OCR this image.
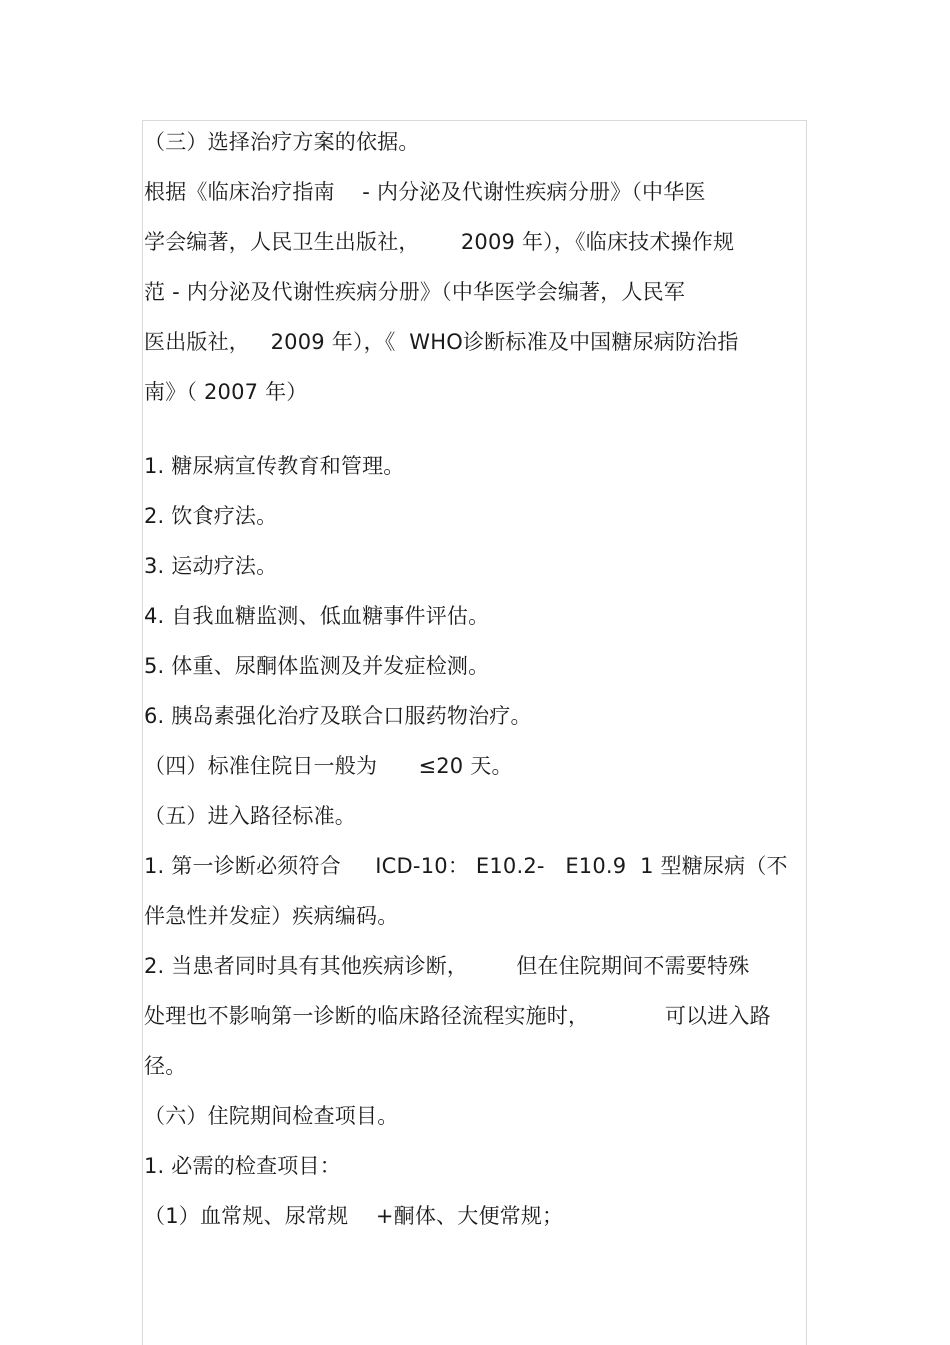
（三）选择治疗方案的依据。
根据《临床治疗指南    - 内分泌及代谢性疾病分册》（中华医
学会编著，人民卫生出版社，      2009 年），《临床技术操作规
范 - 内分泌及代谢性疾病分册》（中华医学会编著，人民军
医出版社，   2009 年），《  WHO诊断标准及中国糖尿病防治指
南》（ 2007 年）
1. 糖尿病宣传教育和管理。
2. 饮食疗法。
3. 运动疗法。
4. 自我血糖监测、低血糖事件评估。
5. 体重、尿酮体监测及并发症检测。
6. 胰岛素强化治疗及联合口服药物治疗。
（四）标准住院日一般为      ≤20 天。
（五）进入路径标准。
1. 第一诊断必须符合     ICD-10： E10.2-   E10.9  1 型糖尿病（不
伴急性并发症）疾病编码。
2. 当患者同时具有其他疾病诊断，       但在住院期间不需要特殊
处理也不影响第一诊断的临床路径流程实施时，           可以进入路
径。
（六）住院期间检查项目。
1. 必需的检查项目：
（1）血常规、尿常规    +酮体、大便常规；
